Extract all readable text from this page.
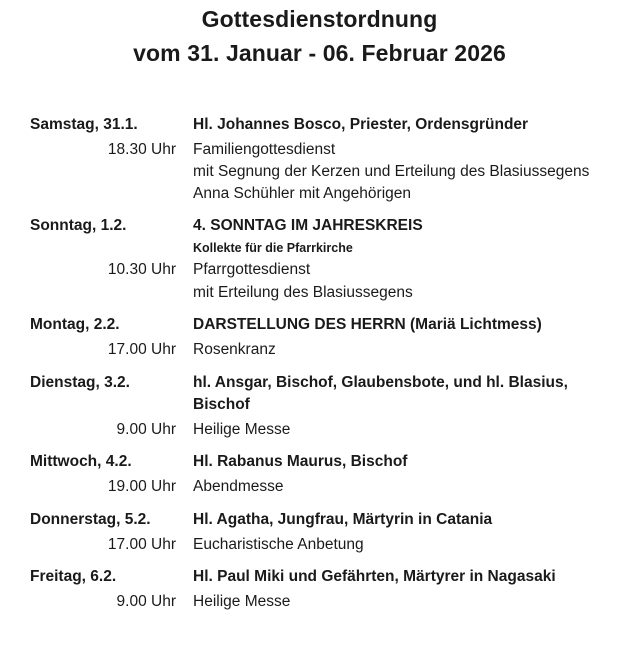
Gottesdienstordnung
vom 31. Januar - 06. Februar 2026
Samstag, 31.1.	Hl. Johannes Bosco, Priester, Ordensgründer
18.30 Uhr Familiengottesdienst
mit Segnung der Kerzen und Erteilung des Blasiussegens
Anna Schühler mit Angehörigen
Sonntag, 1.2.	4. SONNTAG IM JAHRESKREIS
Kollekte für die Pfarrkirche
10.30 Uhr Pfarrgottesdienst
mit Erteilung des Blasiussegens
Montag, 2.2.	DARSTELLUNG DES HERRN (Mariä Lichtmess)
17.00 Uhr Rosenkranz
Dienstag, 3.2.	hl. Ansgar, Bischof, Glaubensbote, und hl. Blasius,
Bischof
9.00 Uhr Heilige Messe
Mittwoch, 4.2.	Hl. Rabanus Maurus, Bischof
19.00 Uhr Abendmesse
Donnerstag, 5.2.	Hl. Agatha, Jungfrau, Märtyrin in Catania
17.00 Uhr Eucharistische Anbetung
Freitag, 6.2.	Hl. Paul Miki und Gefährten, Märtyrer in Nagasaki
9.00 Uhr Heilige Messe
